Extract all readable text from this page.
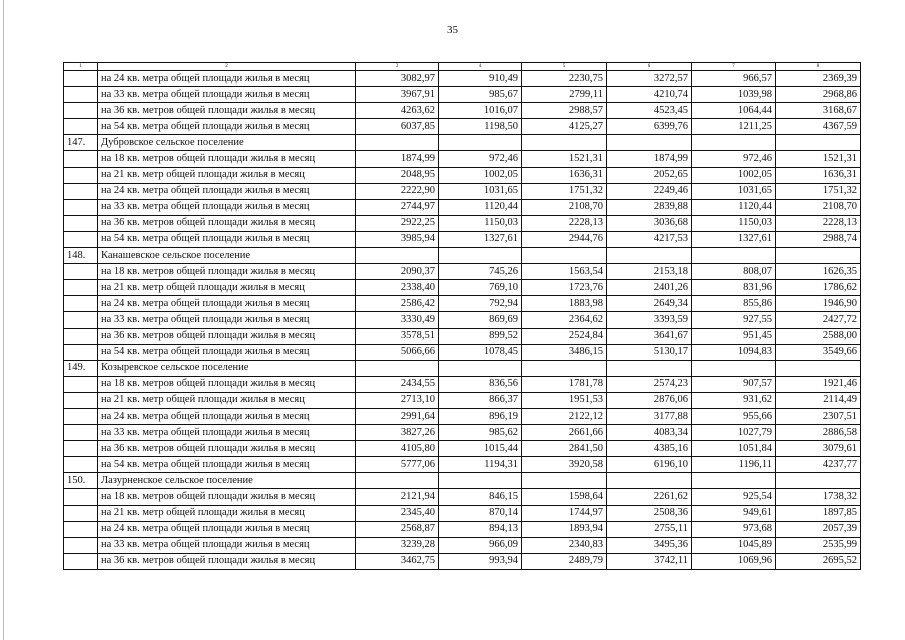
35
1	2	3	4	5	6	7	8
	на 24 кв. метра общей площади жилья в месяц	3082,97	910,49	2230,75	3272,57	966,57	2369,39
	на 33 кв. метра общей площади жилья в месяц	3967,91	985,67	2799,11	4210,74	1039,98	2968,86
	на 36 кв. метров общей площади жилья в месяц	4263,62	1016,07	2988,57	4523,45	1064,44	3168,67
	на 54 кв. метра общей площади жилья в месяц	6037,85	1198,50	4125,27	6399,76	1211,25	4367,59
147.	Дубровское сельское поселение						
	на 18 кв. метров общей площади жилья в месяц	1874,99	972,46	1521,31	1874,99	972,46	1521,31
	на 21 кв. метр общей площади жилья в месяц	2048,95	1002,05	1636,31	2052,65	1002,05	1636,31
	на 24 кв. метра общей площади жилья в месяц	2222,90	1031,65	1751,32	2249,46	1031,65	1751,32
	на 33 кв. метра общей площади жилья в месяц	2744,97	1120,44	2108,70	2839,88	1120,44	2108,70
	на 36 кв. метров общей площади жилья в месяц	2922,25	1150,03	2228,13	3036,68	1150,03	2228,13
	на 54 кв. метра общей площади жилья в месяц	3985,94	1327,61	2944,76	4217,53	1327,61	2988,74
148.	Канашевское сельское поселение						
	на 18 кв. метров общей площади жилья в месяц	2090,37	745,26	1563,54	2153,18	808,07	1626,35
	на 21 кв. метр общей площади жилья в месяц	2338,40	769,10	1723,76	2401,26	831,96	1786,62
	на 24 кв. метра общей площади жилья в месяц	2586,42	792,94	1883,98	2649,34	855,86	1946,90
	на 33 кв. метра общей площади жилья в месяц	3330,49	869,69	2364,62	3393,59	927,55	2427,72
	на 36 кв. метров общей площади жилья в месяц	3578,51	899,52	2524,84	3641,67	951,45	2588,00
	на 54 кв. метра общей площади жилья в месяц	5066,66	1078,45	3486,15	5130,17	1094,83	3549,66
149.	Козыревское сельское поселение						
	на 18 кв. метров общей площади жилья в месяц	2434,55	836,56	1781,78	2574,23	907,57	1921,46
	на 21 кв. метр общей площади жилья в месяц	2713,10	866,37	1951,53	2876,06	931,62	2114,49
	на 24 кв. метра общей площади жилья в месяц	2991,64	896,19	2122,12	3177,88	955,66	2307,51
	на 33 кв. метра общей площади жилья в месяц	3827,26	985,62	2661,66	4083,34	1027,79	2886,58
	на 36 кв. метров общей площади жилья в месяц	4105,80	1015,44	2841,50	4385,16	1051,84	3079,61
	на 54 кв. метра общей площади жилья в месяц	5777,06	1194,31	3920,58	6196,10	1196,11	4237,77
150.	Лазурненское сельское поселение						
	на 18 кв. метров общей площади жилья в месяц	2121,94	846,15	1598,64	2261,62	925,54	1738,32
	на 21 кв. метр общей площади жилья в месяц	2345,40	870,14	1744,97	2508,36	949,61	1897,85
	на 24 кв. метра общей площади жилья в месяц	2568,87	894,13	1893,94	2755,11	973,68	2057,39
	на 33 кв. метра общей площади жилья в месяц	3239,28	966,09	2340,83	3495,36	1045,89	2535,99
	на 36 кв. метров общей площади жилья в месяц	3462,75	993,94	2489,79	3742,11	1069,96	2695,52
